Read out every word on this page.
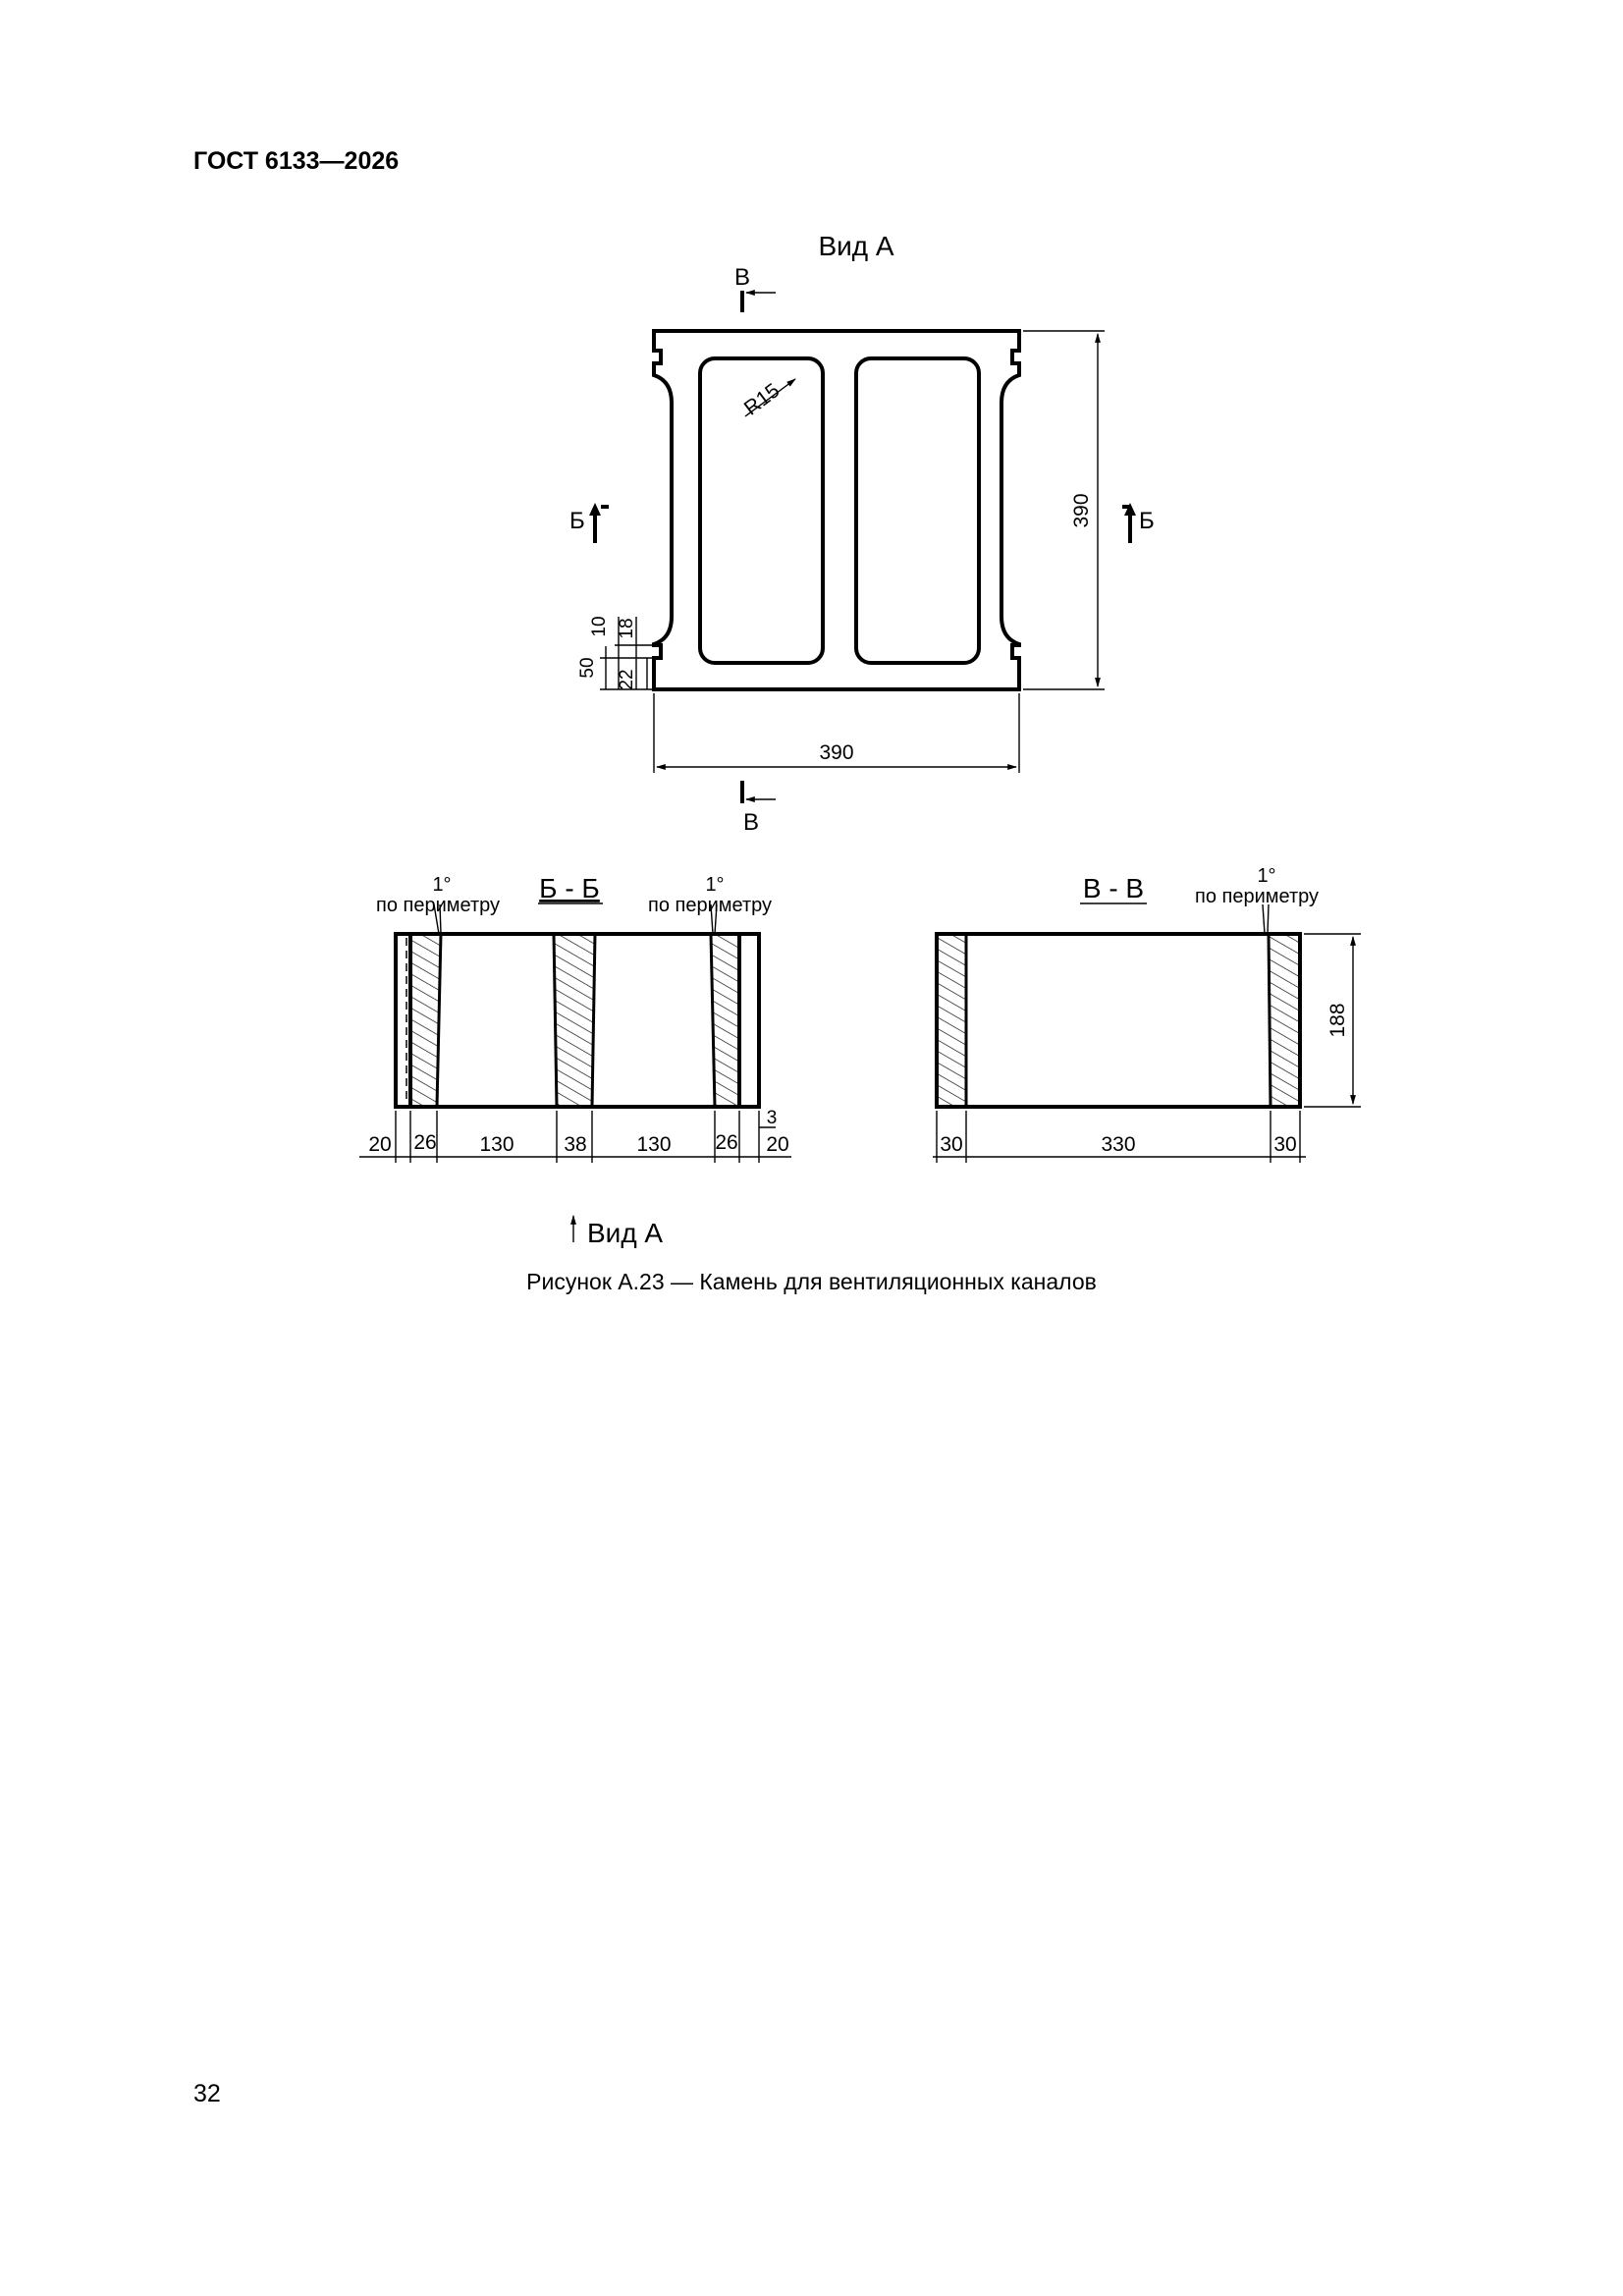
ГОСТ 6133—2026
Вид А
R15
Б	Б
В
В
390
390
50
10 18
22
Б - Б
1°
по периметру
1°
по периметру
20 26 130 38 130 26 20
3
Вид А
В - В	1°
по периметру
188
30	330	30
Рисунок А.23 — Камень для вентиляционных каналов
32
